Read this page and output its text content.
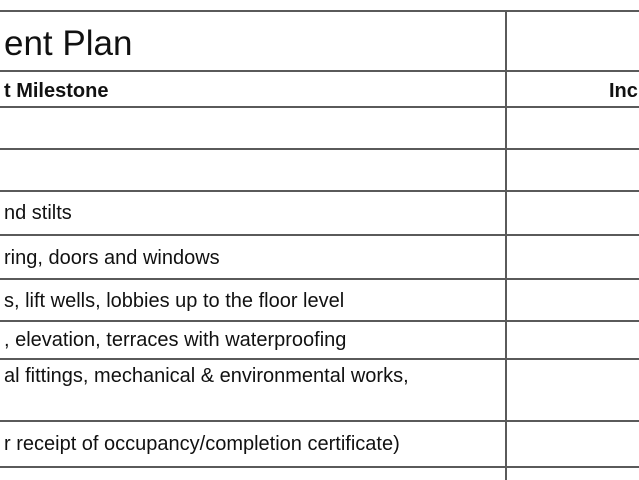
ent Plan
t Milestone	Inc
nd stilts
ring, doors and windows
s, lift wells, lobbies up to the floor level
, elevation, terraces with waterproofing
al fittings, mechanical & environmental works,
r receipt of occupancy/completion certificate)
